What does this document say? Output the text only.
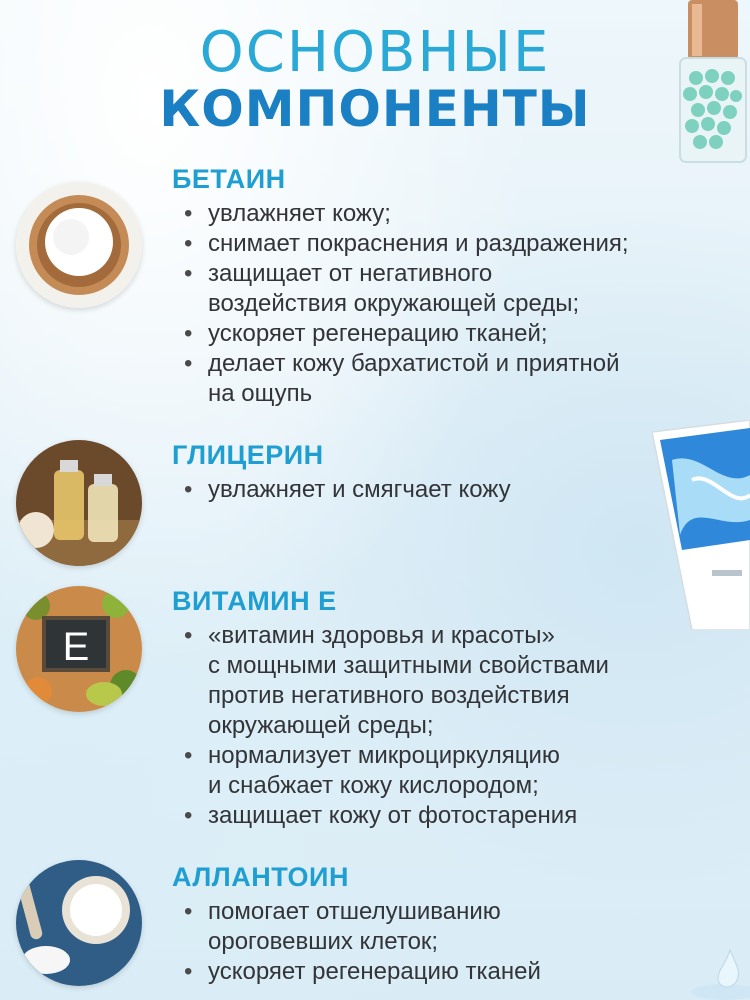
ОСНОВНЫЕ
КОМПОНЕНТЫ
БЕТАИН
• увлажняет кожу;
• снимает покраснения и раздражения;
• защищает от негативного
воздействия окружающей среды;
• ускоряет регенерацию тканей;
• делает кожу бархатистой и приятной
на ощупь
ГЛИЦЕРИН
• увлажняет и смягчает кожу
E
ВИТАМИН Е
• «витамин здоровья и красоты»
с мощными защитными свойствами
против негативного воздействия
окружающей среды;
• нормализует микроциркуляцию
и снабжает кожу кислородом;
• защищает кожу от фотостарения
АЛЛАНТОИН
• помогает отшелушиванию
ороговевших клеток;
• ускоряет регенерацию тканей
